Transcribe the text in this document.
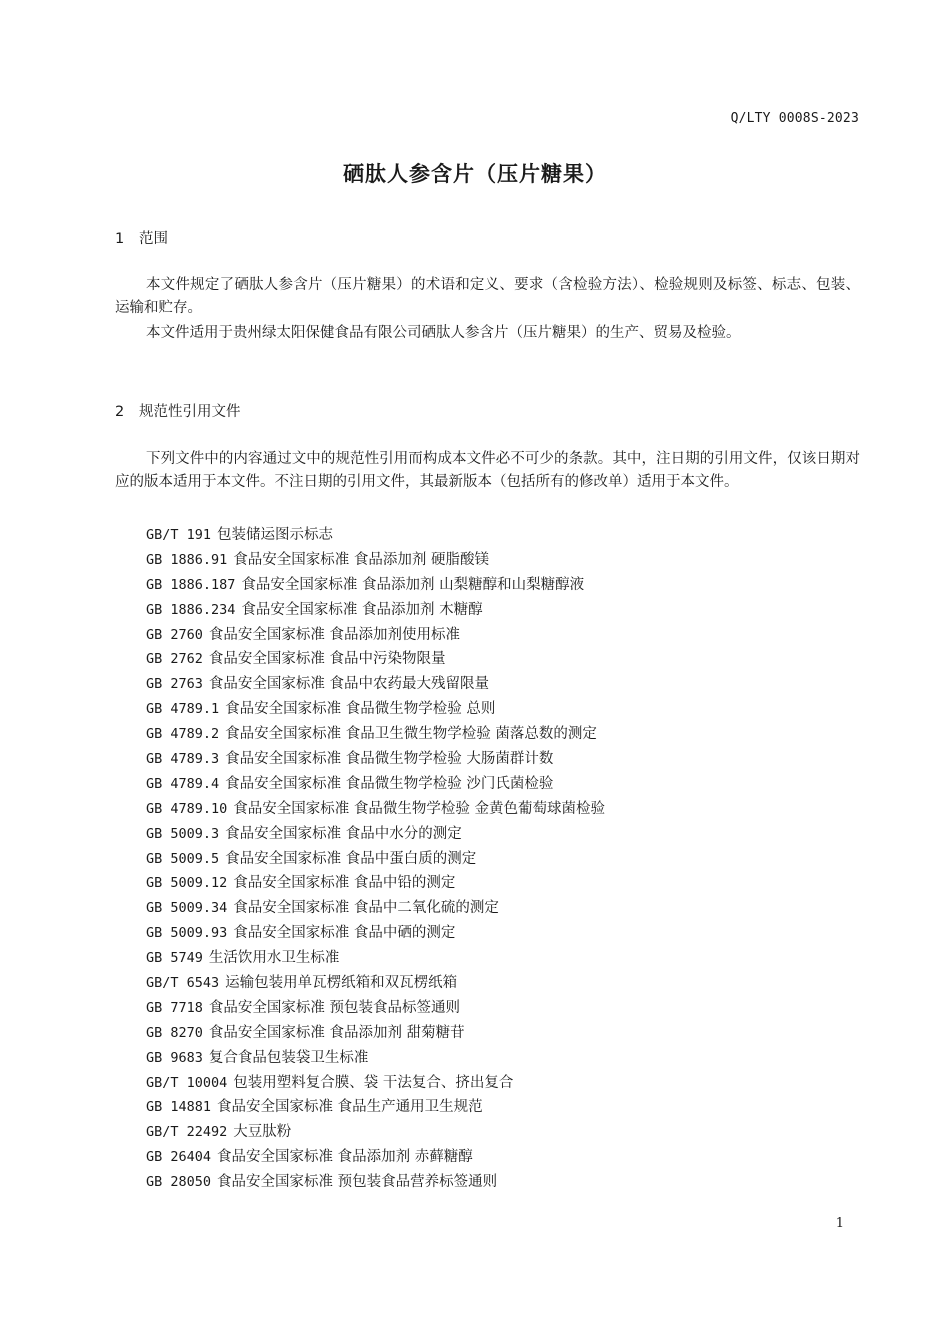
Q/LTY 0008S-2023
硒肽人参含片（压片糖果）
1 范围

本文件规定了硒肽人参含片（压片糖果）的术语和定义、要求（含检验方法）、检验规则及标签、标志、包装、运输和贮存。

本文件适用于贵州绿太阳保健食品有限公司硒肽人参含片（压片糖果）的生产、贸易及检验。

2 规范性引用文件

下列文件中的内容通过文中的规范性引用而构成本文件必不可少的条款。其中，注日期的引用文件，仅该日期对应的版本适用于本文件。不注日期的引用文件，其最新版本（包括所有的修改单）适用于本文件。

GB/T 191 包装储运图示标志
GB 1886.91 食品安全国家标准 食品添加剂 硬脂酸镁
GB 1886.187 食品安全国家标准 食品添加剂 山梨糖醇和山梨糖醇液
GB 1886.234 食品安全国家标准 食品添加剂 木糖醇
GB 2760 食品安全国家标准 食品添加剂使用标准
GB 2762 食品安全国家标准 食品中污染物限量
GB 2763 食品安全国家标准 食品中农药最大残留限量
GB 4789.1 食品安全国家标准 食品微生物学检验 总则
GB 4789.2 食品安全国家标准 食品卫生微生物学检验 菌落总数的测定
GB 4789.3 食品安全国家标准 食品微生物学检验 大肠菌群计数
GB 4789.4 食品安全国家标准 食品微生物学检验 沙门氏菌检验
GB 4789.10 食品安全国家标准 食品微生物学检验 金黄色葡萄球菌检验
GB 5009.3 食品安全国家标准 食品中水分的测定
GB 5009.5 食品安全国家标准 食品中蛋白质的测定
GB 5009.12 食品安全国家标准 食品中铅的测定
GB 5009.34 食品安全国家标准 食品中二氧化硫的测定
GB 5009.93 食品安全国家标准 食品中硒的测定
GB 5749 生活饮用水卫生标准
GB/T 6543 运输包装用单瓦楞纸箱和双瓦楞纸箱
GB 7718 食品安全国家标准 预包装食品标签通则
GB 8270 食品安全国家标准 食品添加剂 甜菊糖苷
GB 9683 复合食品包装袋卫生标准
GB/T 10004 包装用塑料复合膜、袋 干法复合、挤出复合
GB 14881 食品安全国家标准 食品生产通用卫生规范
GB/T 22492 大豆肽粉
GB 26404 食品安全国家标准 食品添加剂 赤藓糖醇
GB 28050 食品安全国家标准 预包装食品营养标签通则
1
